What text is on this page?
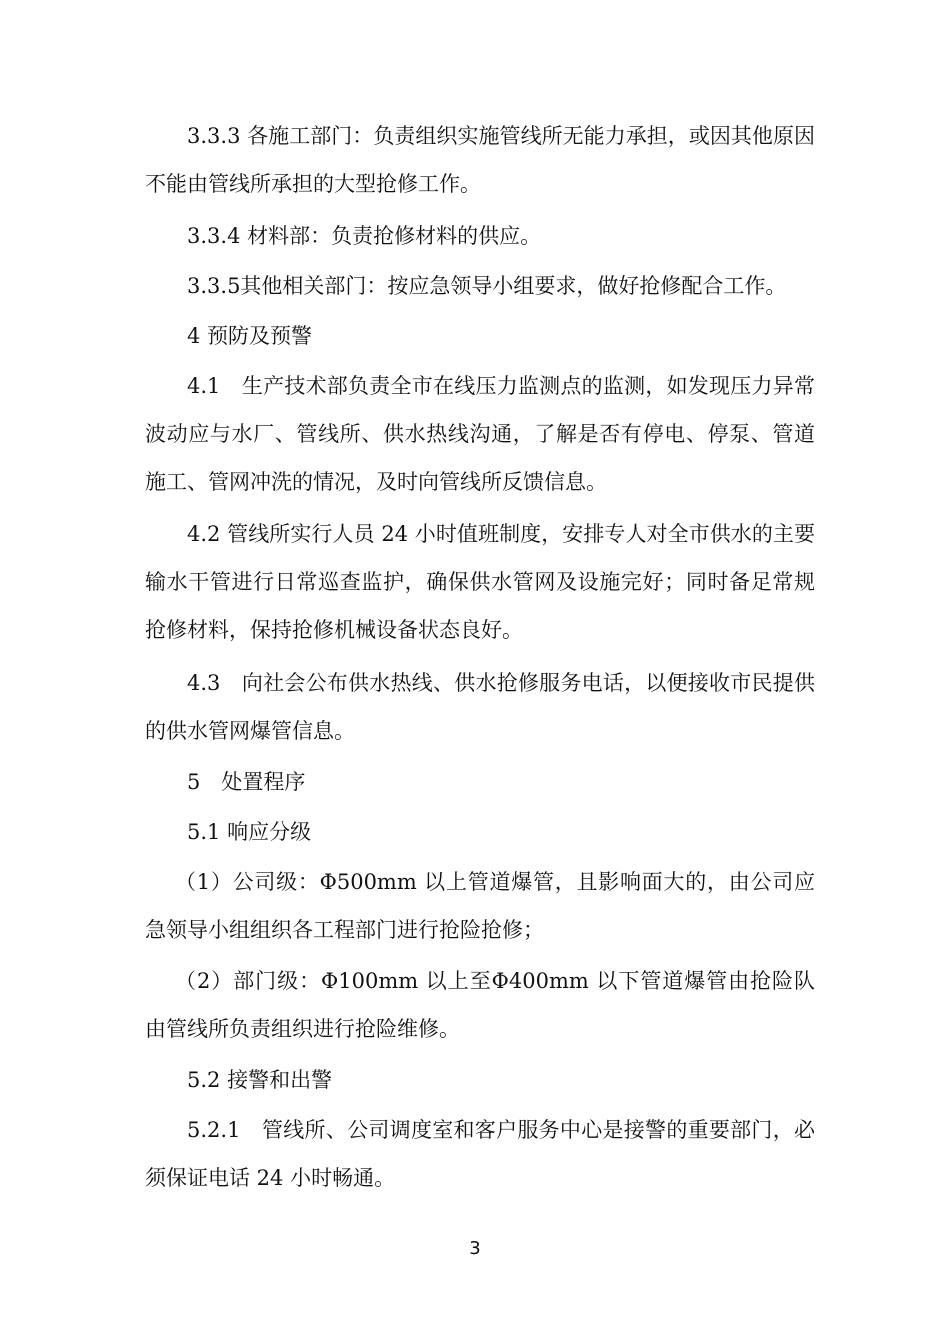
3.3.3 各施工部门：负责组织实施管线所无能力承担，或因其他原因不能由管线所承担的大型抢修工作。

3.3.4 材料部：负责抢修材料的供应。

3.3.5其他相关部门：按应急领导小组要求，做好抢修配合工作。

4 预防及预警

4.1　生产技术部负责全市在线压力监测点的监测，如发现压力异常波动应与水厂、管线所、供水热线沟通，了解是否有停电、停泵、管道施工、管网冲洗的情况，及时向管线所反馈信息。

4.2 管线所实行人员 24 小时值班制度，安排专人对全市供水的主要输水干管进行日常巡查监护，确保供水管网及设施完好；同时备足常规抢修材料，保持抢修机械设备状态良好。

4.3　向社会公布供水热线、供水抢修服务电话，以便接收市民提供的供水管网爆管信息。

5　处置程序

5.1 响应分级

（1）公司级：Φ500mm 以上管道爆管，且影响面大的，由公司应急领导小组组织各工程部门进行抢险抢修；

（2）部门级：Φ100mm 以上至Φ400mm 以下管道爆管由抢险队由管线所负责组织进行抢险维修。

5.2 接警和出警

5.2.1　管线所、公司调度室和客户服务中心是接警的重要部门，必须保证电话 24 小时畅通。

3
